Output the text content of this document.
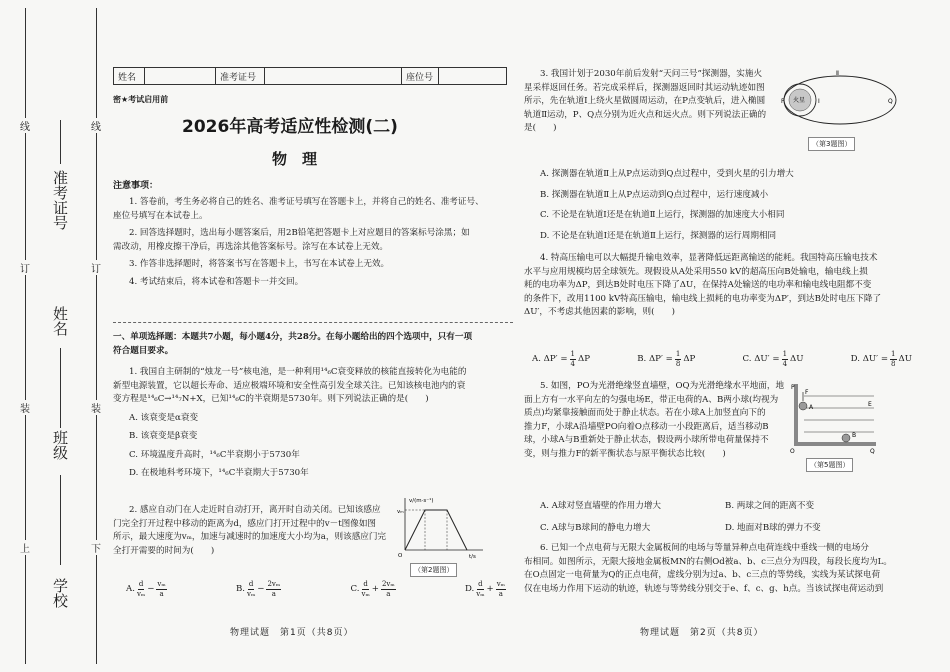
线
订
装
上
线
订
装
下
准考证号
姓名
班级
学校
姓名	准考证号	座位号
密★考试启用前
2026年高考适应性检测(二)
物　理
注意事项：
1. 答卷前，考生务必将自己的姓名、准考证号填写在答题卡上，并将自己的姓名、准考证号、
座位号填写在本试卷上。
2. 回答选择题时，选出每小题答案后，用2B铅笔把答题卡上对应题目的答案标号涂黑；如
需改动，用橡皮擦干净后，再选涂其他答案标号。涂写在本试卷上无效。
3. 作答非选择题时，将答案书写在答题卡上，书写在本试卷上无效。
4. 考试结束后，将本试卷和答题卡一并交回。
一、单项选择题：本题共7小题，每小题4分，共28分。在每小题给出的四个选项中，只有一项
符合题目要求。
1. 我国自主研制的“烛龙一号”核电池，是一种利用¹⁴₆C衰变释放的核能直接转化为电能的
新型电源装置，它以超长寿命、适应极端环境和安全性高引发全球关注。已知该核电池内的衰
变方程是¹⁴₆C→¹⁴₇N+X，已知¹⁴₆C的半衰期是5730年。则下列说法正确的是(　　)
A. 该衰变是α衰变
B. 该衰变是β衰变
C. 环境温度升高时，¹⁴₆C半衰期小于5730年
D. 在极地科考环境下，¹⁴₆C半衰期大于5730年
2. 感应自动门在人走近时自动打开，离开时自动关闭。已知该感应
门完全打开过程中移动的距离为d，感应门打开过程中的v－t图像如图
所示，最大速度为vₘ，加速与减速时的加速度大小均为a，则该感应门完
全打开需要的时间为(　　)
v/(m·s⁻¹)
vₘ
t/s
O
（第2题图）
A. $\frac{d}{\text{vₘ}} - \frac{\text{vₘ}}{a}$	B. $\frac{d}{\text{vₘ}} - \frac{\text{2vₘ}}{a}$	C. $\frac{d}{\text{vₘ}} + \frac{\text{2vₘ}}{a}$	D. $\frac{d}{\text{vₘ}} + \frac{\text{vₘ}}{a}$
物理试题　第1页（共8页）
3. 我国计划于2030年前后发射“天问三号”探测器，实施火
星采样返回任务。若完成采样后，探测器返回时其运动轨迹如图
所示，先在轨道Ⅰ上绕火星做圆周运动，在P点变轨后，进入椭圆
轨道Ⅱ运动，P、Q点分别为近火点和远火点。则下列说法正确的
是(　　)
火星
P	Ⅰ
Ⅱ
Q
（第3题图）
A. 探测器在轨道Ⅱ上从P点运动到Q点过程中，受到火星的引力增大
B. 探测器在轨道Ⅱ上从P点运动到Q点过程中，运行速度减小
C. 不论是在轨道Ⅰ还是在轨道Ⅱ上运行，探测器的加速度大小相同
D. 不论是在轨道Ⅰ还是在轨道Ⅱ上运行，探测器的运行周期相同
4. 特高压输电可以大幅提升输电效率，显著降低远距离输送的能耗。我国特高压输电技术
水平与应用规模均居全球领先。现假设从A处采用550 kV的超高压向B处输电，输电线上损
耗的电功率为ΔP，到达B处时电压下降了ΔU，在保持A处输送的电功率和输电线电阻都不变
的条件下，改用1100 kV特高压输电，输电线上损耗的电功率变为ΔP′，到达B处时电压下降了
ΔU′，不考虑其他因素的影响，则(　　)
A. $\Delta P' = \frac{1}{4}$ ΔP	B. $\Delta P' = \frac{1}{8}$ ΔP	C. $\Delta U' = \frac{1}{4}$ ΔU	D. $\Delta U' = \frac{1}{8}$ ΔU
5. 如图，PO为光滑绝缘竖直墙壁，OQ为光滑绝缘水平地面，地
面上方有一水平向左的匀强电场E，带正电荷的A、B两小球(均视为
质点)均紧靠接触面而处于静止状态。若在小球A上加竖直向下的
推力F，小球A沿墙壁PO向着O点移动一小段距离后，适当移动B
球，小球A与B重新处于静止状态，假设两小球所带电荷量保持不
变，则与推力F的新平衡状态与原平衡状态比较(　　)
P
F
A	E
B
O	Q
（第5题图）
A. A球对竖直墙壁的作用力增大	B. 两球之间的距离不变
C. A球与B球间的静电力增大	D. 地面对B球的弹力不变
6. 已知一个点电荷与无限大金属板间的电场与等量异种点电荷连线中垂线一侧的电场分
布相同。如图所示，无限大接地金属板MN的右侧Od被a、b、c三点分为四段，每段长度均为L。
在O点固定一电荷量为Q的正点电荷，虚线分别为过a、b、c三点的等势线，实线为某试探电荷
仅在电场力作用下运动的轨迹，轨迹与等势线分别交于e、f、c、g、h点。当该试探电荷运动到
物理试题　第2页（共8页）
